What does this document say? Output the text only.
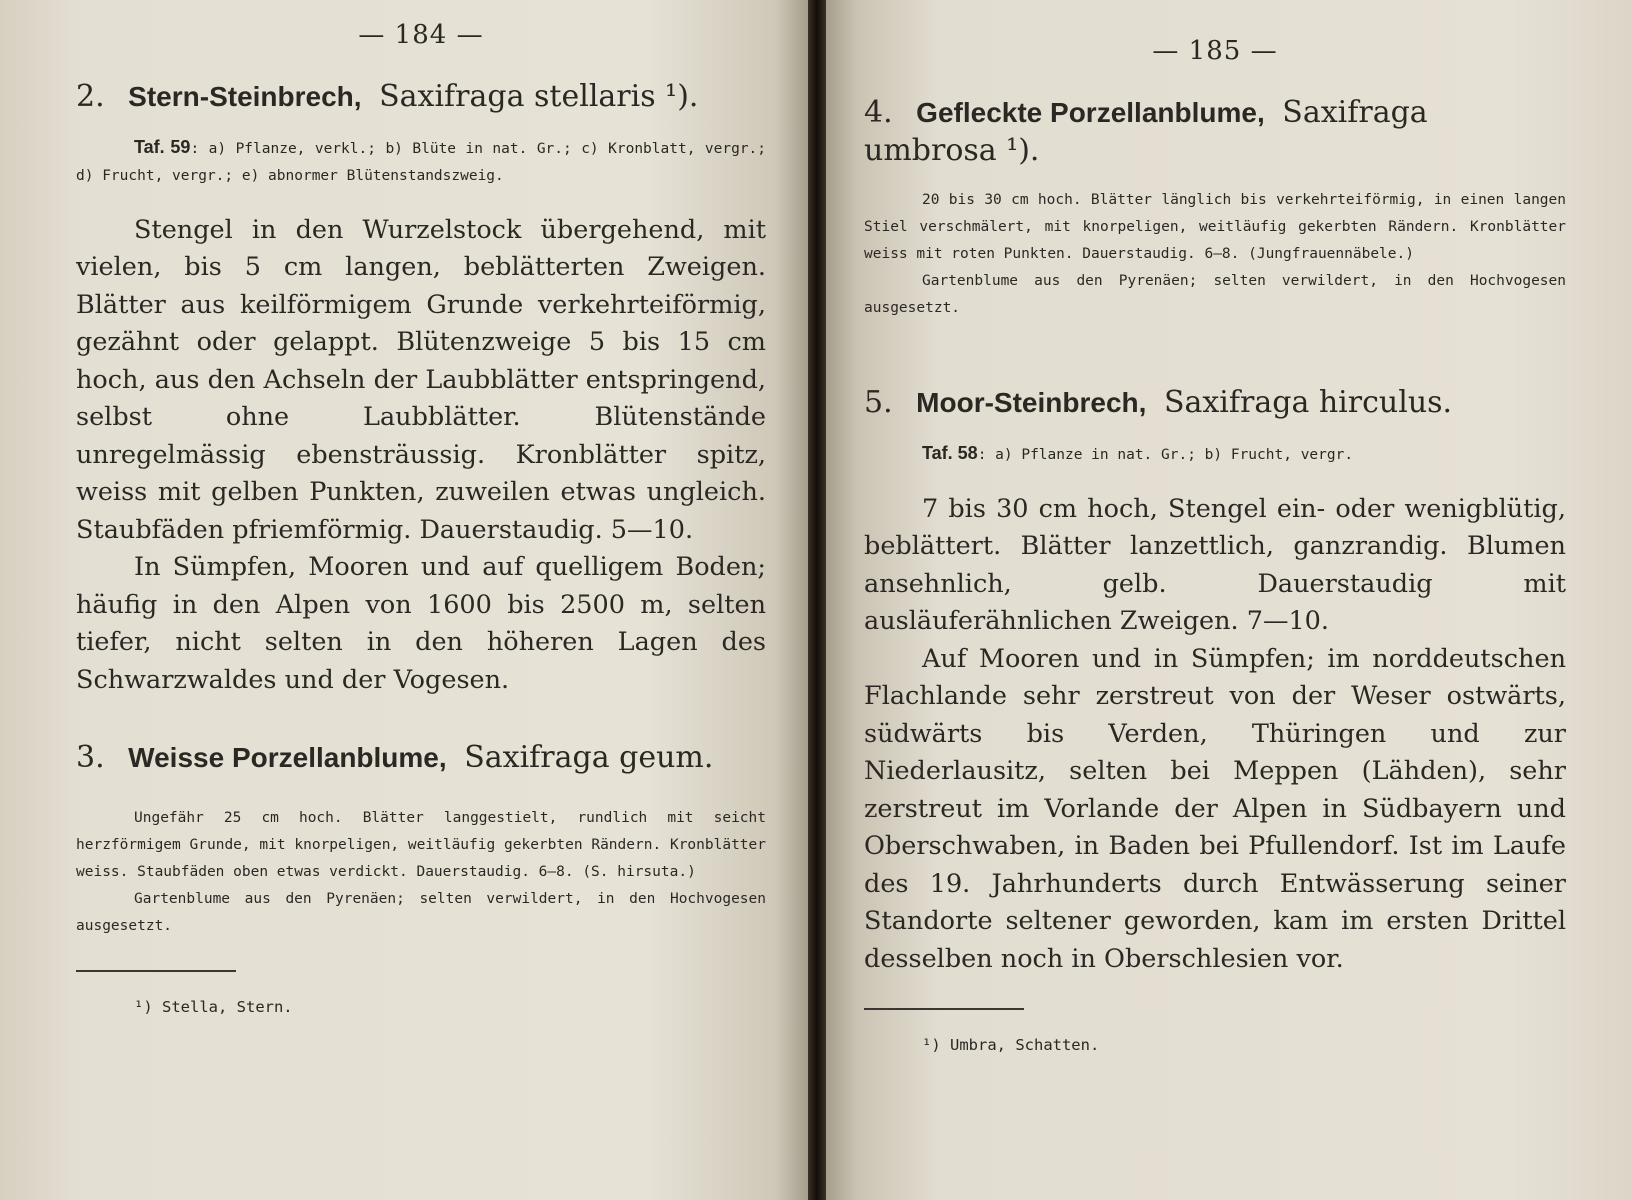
— 184 —
2. Stern-Steinbrech, Saxifraga stellaris ¹).

Taf. 59: a) Pflanze, verkl.; b) Blüte in nat. Gr.; c) Kronblatt, vergr.; d) Frucht, vergr.; e) abnormer Blütenstandszweig.

Stengel in den Wurzelstock übergehend, mit vielen, bis 5 cm langen, beblätterten Zweigen. Blätter aus keilförmigem Grunde verkehrteiförmig, gezähnt oder gelappt. Blütenzweige 5 bis 15 cm hoch, aus den Achseln der Laubblätter entspringend, selbst ohne Laubblätter. Blütenstände unregelmässig ebensträussig. Kronblätter spitz, weiss mit gelben Punkten, zuweilen etwas ungleich. Staubfäden pfriemförmig. Dauerstaudig. 5—10.

In Sümpfen, Mooren und auf quelligem Boden; häufig in den Alpen von 1600 bis 2500 m, selten tiefer, nicht selten in den höheren Lagen des Schwarzwaldes und der Vogesen.

3. Weisse Porzellanblume, Saxifraga geum.

Ungefähr 25 cm hoch. Blätter langgestielt, rundlich mit seicht herzförmigem Grunde, mit knorpeligen, weitläufig gekerbten Rändern. Kronblätter weiss. Staubfäden oben etwas verdickt. Dauerstaudig. 6—8. (S. hirsuta.)

Gartenblume aus den Pyrenäen; selten verwildert, in den Hochvogesen ausgesetzt.

¹) Stella, Stern.

— 185 —
4. Gefleckte Porzellanblume, Saxifraga umbrosa ¹).

20 bis 30 cm hoch. Blätter länglich bis verkehrteiförmig, in einen langen Stiel verschmälert, mit knorpeligen, weitläufig gekerbten Rändern. Kronblätter weiss mit roten Punkten. Dauerstaudig. 6—8. (Jungfrauennäbele.)

Gartenblume aus den Pyrenäen; selten verwildert, in den Hochvogesen ausgesetzt.

5. Moor-Steinbrech, Saxifraga hirculus.

Taf. 58: a) Pflanze in nat. Gr.; b) Frucht, vergr.

7 bis 30 cm hoch, Stengel ein- oder wenigblütig, beblättert. Blätter lanzettlich, ganzrandig. Blumen ansehnlich, gelb. Dauerstaudig mit ausläuferähnlichen Zweigen. 7—10.

Auf Mooren und in Sümpfen; im norddeutschen Flachlande sehr zerstreut von der Weser ostwärts, südwärts bis Verden, Thüringen und zur Niederlausitz, selten bei Meppen (Lähden), sehr zerstreut im Vorlande der Alpen in Südbayern und Oberschwaben, in Baden bei Pfullendorf. Ist im Laufe des 19. Jahrhunderts durch Entwässerung seiner Standorte seltener geworden, kam im ersten Drittel desselben noch in Oberschlesien vor.

¹) Umbra, Schatten.
